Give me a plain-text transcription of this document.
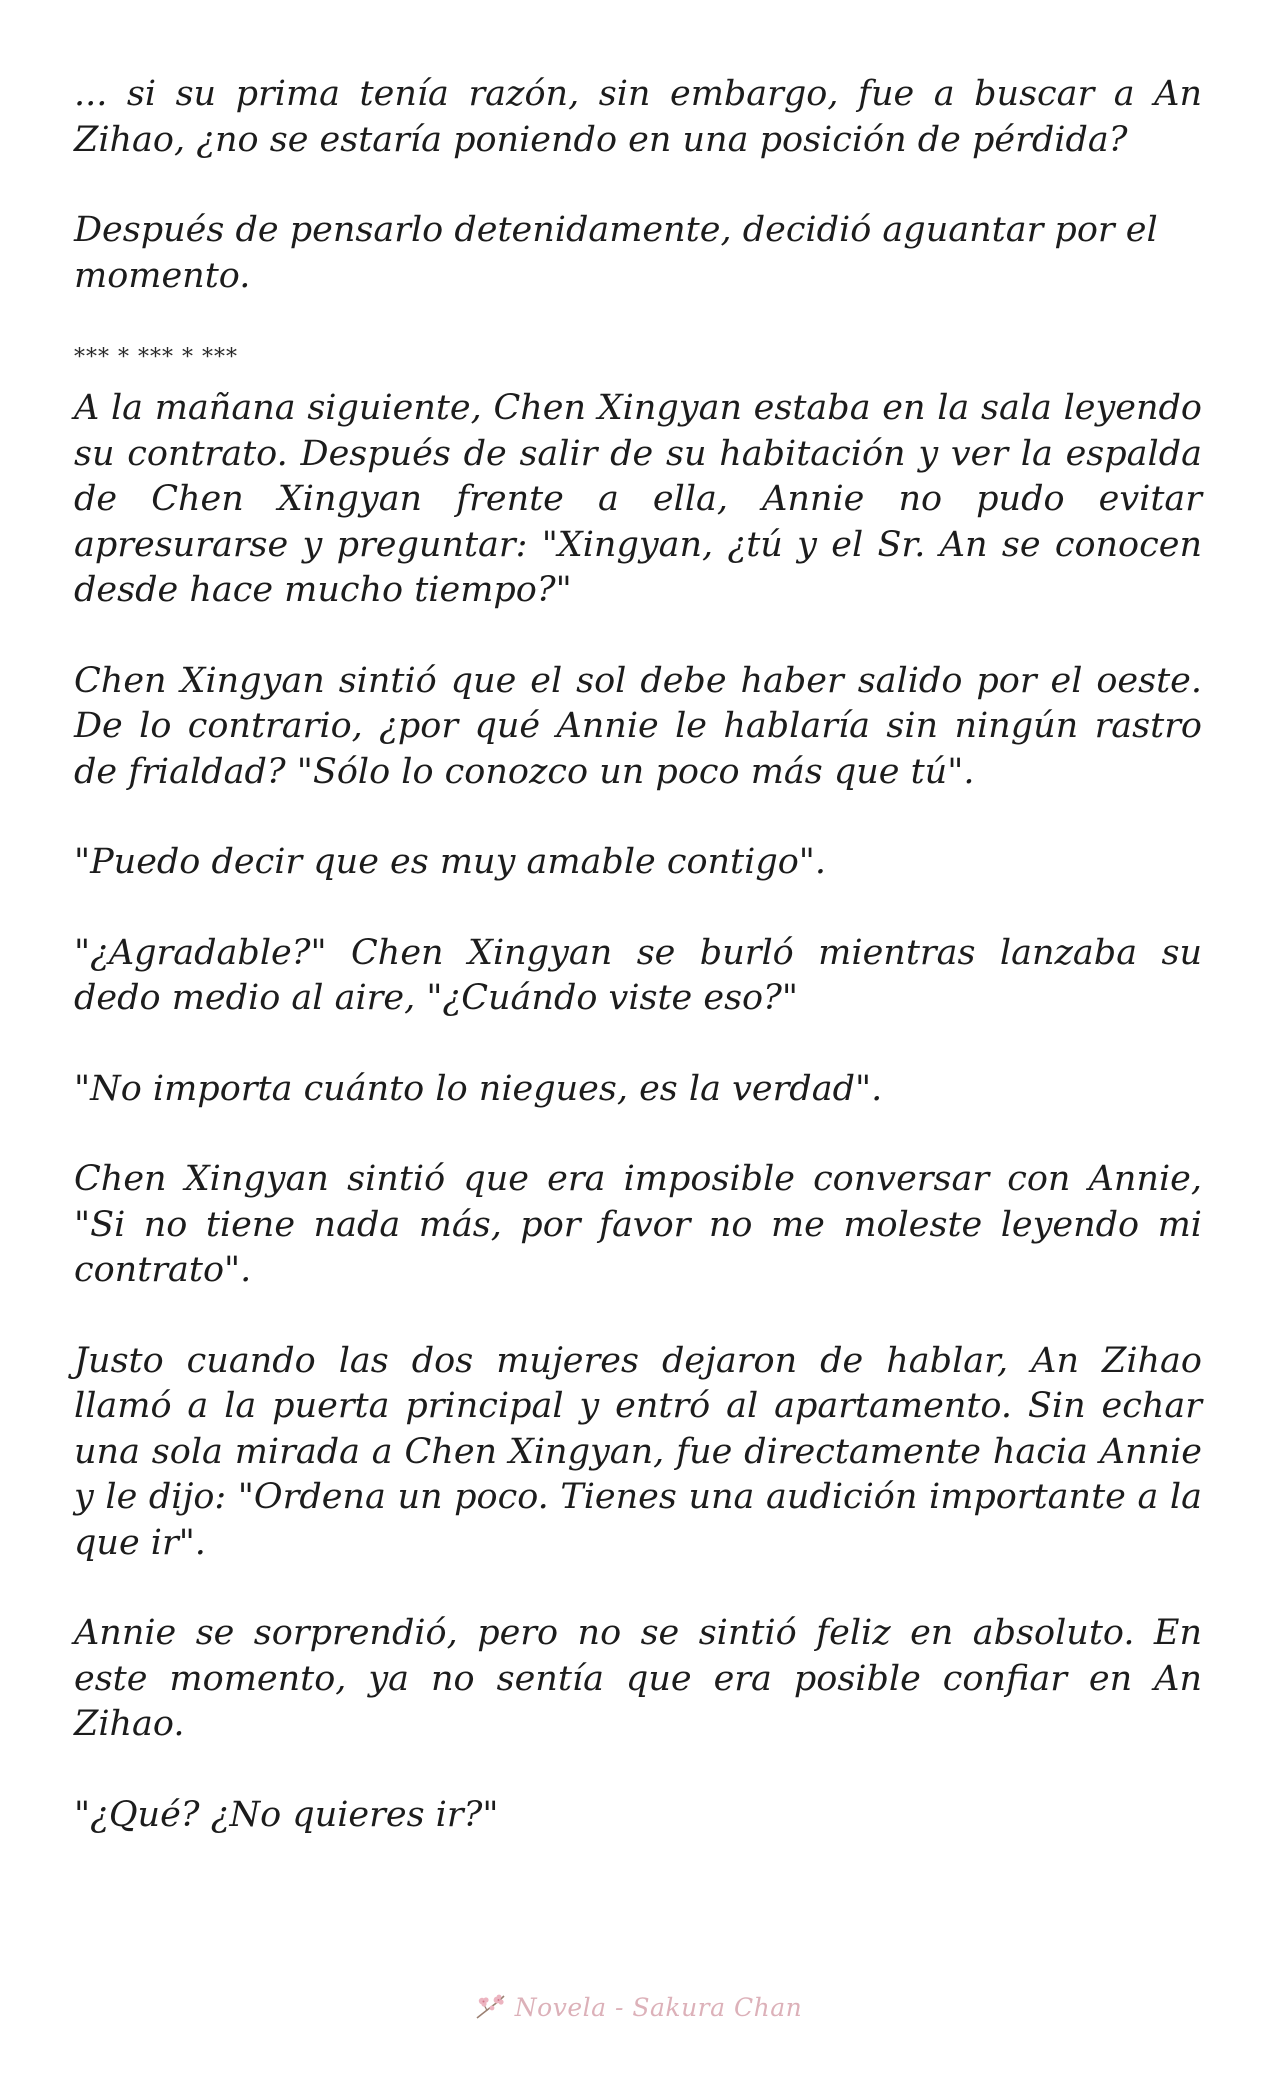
... si su prima tenía razón, sin embargo, fue a buscar a An Zihao, ¿no se estaría poniendo en una posición de pérdida?

Después de pensarlo detenidamente, decidió aguantar por el momento.

*** * *** * ***

A la mañana siguiente, Chen Xingyan estaba en la sala leyendo su contrato. Después de salir de su habitación y ver la espalda de Chen Xingyan frente a ella, Annie no pudo evitar apresurarse y preguntar: "Xingyan, ¿tú y el Sr. An se conocen desde hace mucho tiempo?"

Chen Xingyan sintió que el sol debe haber salido por el oeste. De lo contrario, ¿por qué Annie le hablaría sin ningún rastro de frialdad? "Sólo lo conozco un poco más que tú".

"Puedo decir que es muy amable contigo".

"¿Agradable?" Chen Xingyan se burló mientras lanzaba su dedo medio al aire, "¿Cuándo viste eso?"

"No importa cuánto lo niegues, es la verdad".

Chen Xingyan sintió que era imposible conversar con Annie, "Si no tiene nada más, por favor no me moleste leyendo mi contrato".

Justo cuando las dos mujeres dejaron de hablar, An Zihao llamó a la puerta principal y entró al apartamento. Sin echar una sola mirada a Chen Xingyan, fue directamente hacia Annie y le dijo: "Ordena un poco. Tienes una audición importante a la que ir".

Annie se sorprendió, pero no se sintió feliz en absoluto. En este momento, ya no sentía que era posible confiar en An Zihao.

"¿Qué? ¿No quieres ir?"

Novela - Sakura Chan
